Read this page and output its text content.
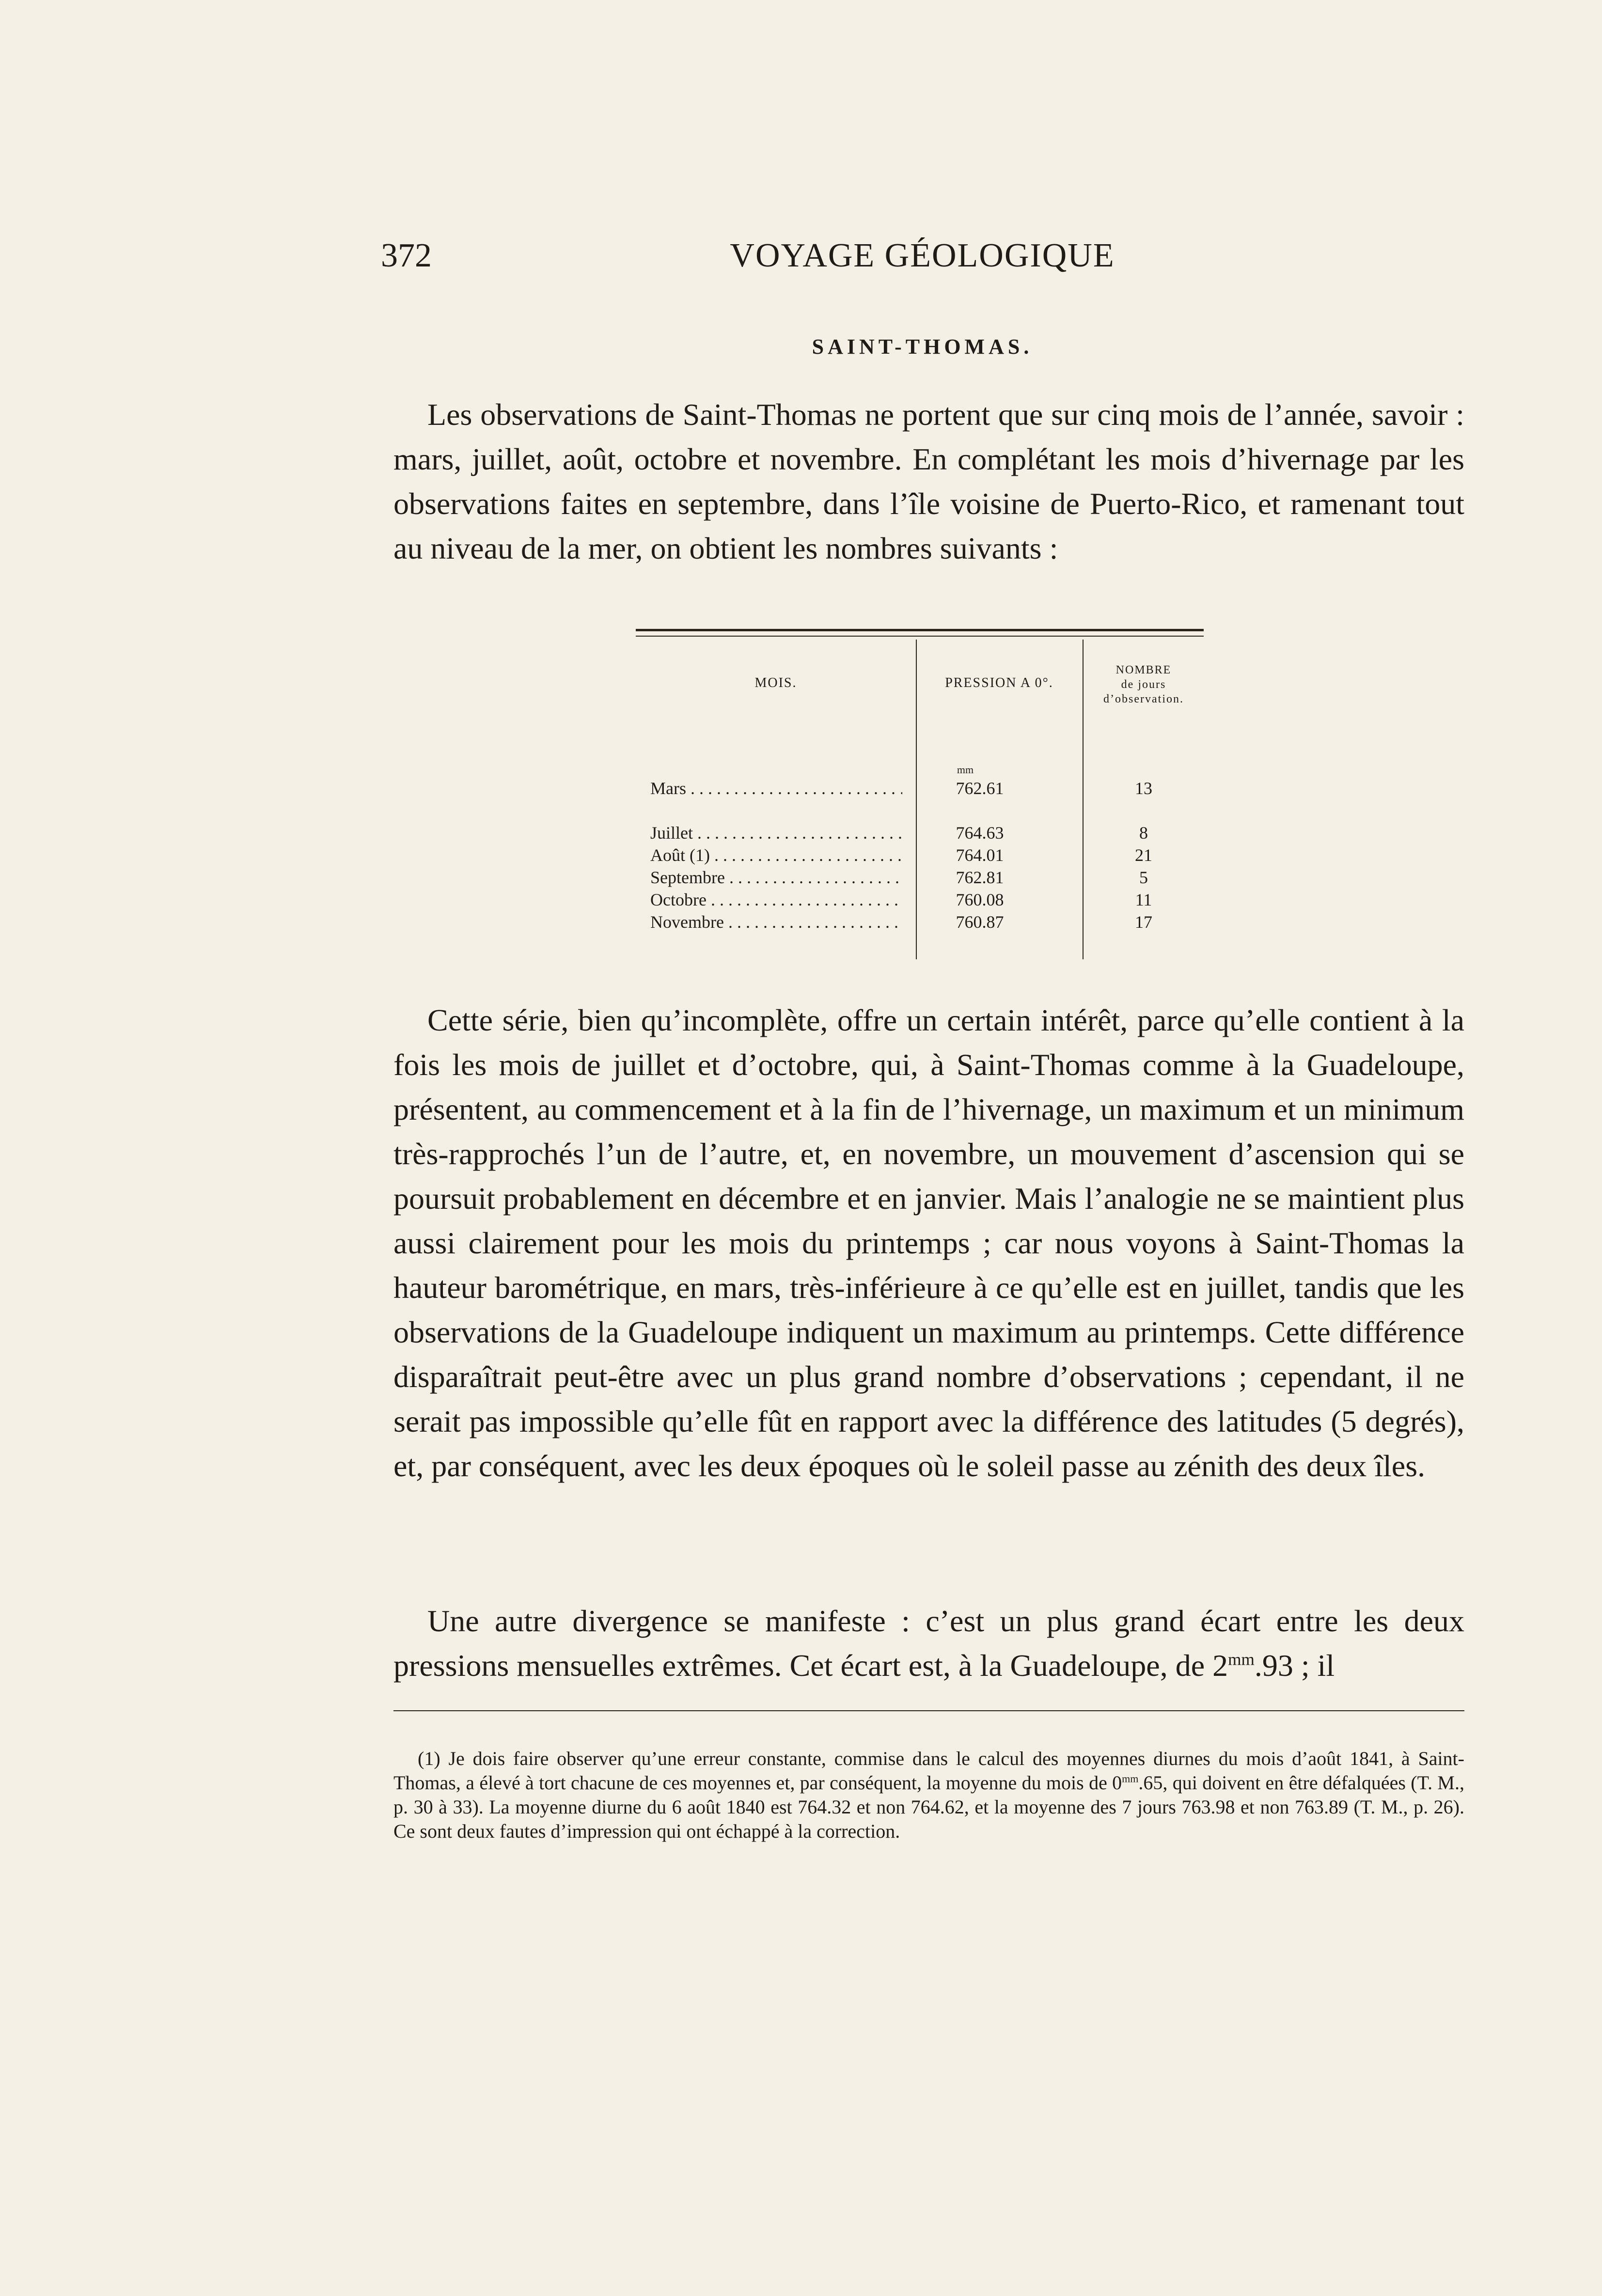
372	VOYAGE GÉOLOGIQUE
SAINT-THOMAS.

Les observations de Saint-Thomas ne portent que sur cinq mois de l’année, savoir : mars, juillet, août, octobre et novembre. En complétant les mois d’hivernage par les observations faites en septembre, dans l’île voisine de Puerto-Rico, et ramenant tout au niveau de la mer, on obtient les nombres suivants :

MOIS.	PRESSION A 0°.
NOMBRE
de jours
d’observation.
mm
Mars . . .	762.61	13
Juillet . . .	764.63	8
Août (1) . . .	764.01	21
Septembre . . .	762.81	5
Octobre . . .	760.08	11
Novembre . . .	760.87	17

Cette série, bien qu’incomplète, offre un certain intérêt, parce qu’elle contient à la fois les mois de juillet et d’octobre, qui, à Saint-Thomas comme à la Guadeloupe, présentent, au commencement et à la fin de l’hivernage, un maximum et un minimum très-rapprochés l’un de l’autre, et, en novembre, un mouvement d’ascension qui se poursuit probablement en décembre et en janvier. Mais l’analogie ne se maintient plus aussi clairement pour les mois du printemps ; car nous voyons à Saint-Thomas la hauteur barométrique, en mars, très-inférieure à ce qu’elle est en juillet, tandis que les observations de la Guadeloupe indiquent un maximum au printemps. Cette différence disparaîtrait peut-être avec un plus grand nombre d’observations ; cependant, il ne serait pas impossible qu’elle fût en rapport avec la différence des latitudes (5 degrés), et, par conséquent, avec les deux époques où le soleil passe au zénith des deux îles.

Une autre divergence se manifeste : c’est un plus grand écart entre les deux pressions mensuelles extrêmes. Cet écart est, à la Guadeloupe, de $2^{mm}.93$ ; il

(1) Je dois faire observer qu’une erreur constante, commise dans le calcul des moyennes diurnes du mois d’août 1841, à Saint-Thomas, a élevé à tort chacune de ces moyennes et, par conséquent, la moyenne du mois de $0^{mm}.65$, qui doivent en être défalquées (T. M., p. 30 à 33). La moyenne diurne du 6 août 1840 est 764.32 et non 764.62, et la moyenne des 7 jours 763.98 et non 763.89 (T. M., p. 26). Ce sont deux fautes d’impression qui ont échappé à la correction.
